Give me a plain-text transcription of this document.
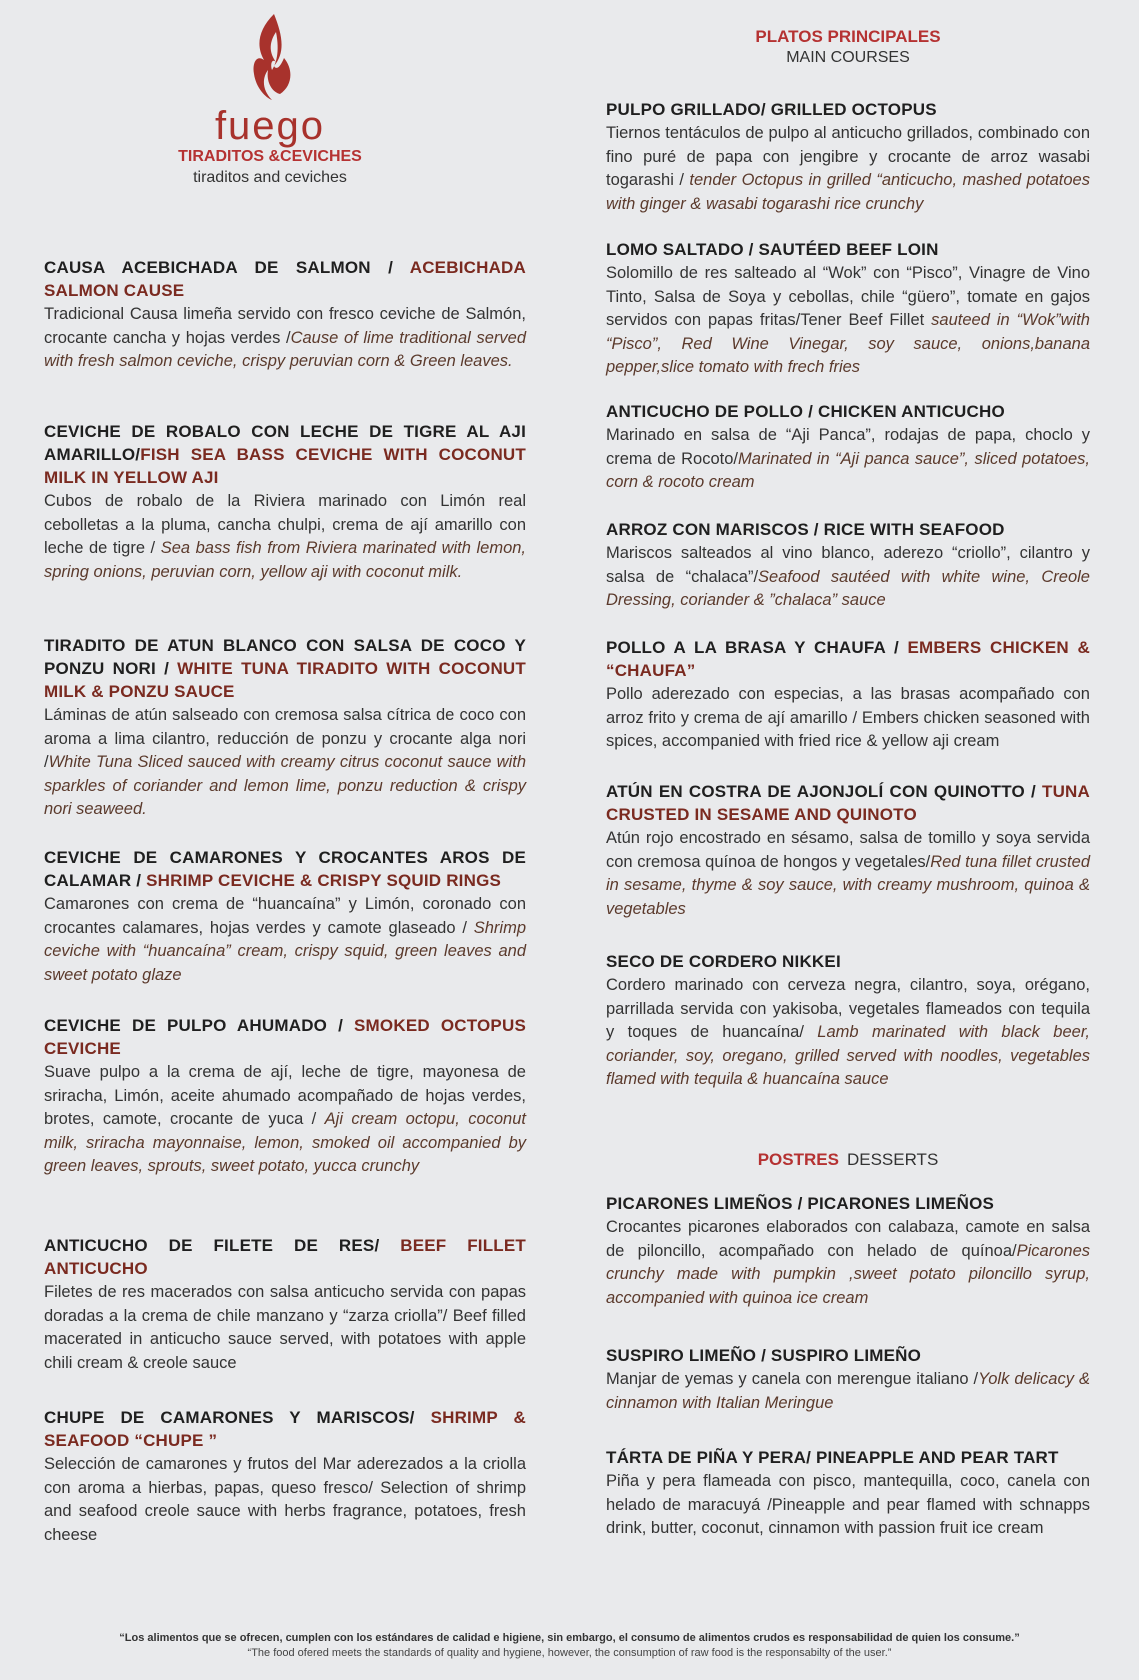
fuego
TIRADITOS &CEVICHES
tiraditos and ceviches
CAUSA ACEBICHADA DE SALMON / ACEBICHADA SALMON CAUSE
Tradicional Causa limeña servido con fresco ceviche de Salmón, crocante cancha y hojas verdes /Cause of lime traditional served with fresh salmon ceviche, crispy peruvian corn & Green leaves.
CEVICHE DE ROBALO CON LECHE DE TIGRE AL AJI AMARILLO/FISH SEA BASS CEVICHE WITH COCONUT MILK IN YELLOW AJI
Cubos de robalo de la Riviera marinado con Limón real cebolletas a la pluma, cancha chulpi, crema de ají amarillo con leche de tigre / Sea bass fish from Riviera marinated with lemon, spring onions, peruvian corn, yellow aji with coconut milk.
TIRADITO DE ATUN BLANCO CON SALSA DE COCO Y PONZU NORI / WHITE TUNA TIRADITO WITH COCONUT MILK & PONZU SAUCE
Láminas de atún salseado con cremosa salsa cítrica de coco con aroma a lima cilantro, reducción de ponzu y crocante alga nori /White Tuna Sliced sauced with creamy citrus coconut sauce with sparkles of coriander and lemon lime, ponzu reduction & crispy nori seaweed.
CEVICHE DE CAMARONES Y CROCANTES AROS DE CALAMAR / SHRIMP CEVICHE & CRISPY SQUID RINGS
Camarones con crema de “huancaína” y Limón, coronado con crocantes calamares, hojas verdes y camote glaseado / Shrimp ceviche with “huancaína” cream, crispy squid, green leaves and sweet potato glaze
CEVICHE DE PULPO AHUMADO / SMOKED OCTOPUS CEVICHE
Suave pulpo a la crema de ají, leche de tigre, mayonesa de sriracha, Limón, aceite ahumado acompañado de hojas verdes, brotes, camote, crocante de yuca / Aji cream octopu, coconut milk, sriracha mayonnaise, lemon, smoked oil accompanied by green leaves, sprouts, sweet potato, yucca crunchy
ANTICUCHO DE FILETE DE RES/ BEEF FILLET ANTICUCHO
Filetes de res macerados con salsa anticucho servida con papas doradas a la crema de chile manzano y “zarza criolla”/ Beef filled macerated in anticucho sauce served, with potatoes with apple chili cream & creole sauce
CHUPE DE CAMARONES Y MARISCOS/ SHRIMP & SEAFOOD “CHUPE ”
Selección de camarones y frutos del Mar aderezados a la criolla con aroma a hierbas, papas, queso fresco/ Selection of shrimp and seafood creole sauce with herbs fragrance, potatoes, fresh cheese
PLATOS PRINCIPALES
MAIN COURSES
PULPO GRILLADO/ GRILLED OCTOPUS
Tiernos tentáculos de pulpo al anticucho grillados, combinado con fino puré de papa con jengibre y crocante de arroz wasabi togarashi / tender Octopus in grilled “anticucho, mashed potatoes with ginger & wasabi togarashi rice crunchy
LOMO SALTADO / SAUTÉED BEEF LOIN
Solomillo de res salteado al “Wok” con “Pisco”, Vinagre de Vino Tinto, Salsa de Soya y cebollas, chile “güero”, tomate en gajos servidos con papas fritas/Tener Beef Fillet sauteed in “Wok”with “Pisco”, Red Wine Vinegar, soy sauce, onions,banana pepper,slice tomato with frech fries
ANTICUCHO DE POLLO / CHICKEN ANTICUCHO
Marinado en salsa de “Aji Panca”, rodajas de papa, choclo y crema de Rocoto/Marinated in “Aji panca sauce”, sliced potatoes, corn & rocoto cream
ARROZ CON MARISCOS / RICE WITH SEAFOOD
Mariscos salteados al vino blanco, aderezo “criollo”, cilantro y salsa de “chalaca”/Seafood sautéed with white wine, Creole Dressing, coriander & ”chalaca” sauce
POLLO A LA BRASA Y CHAUFA / EMBERS CHICKEN & “CHAUFA”
Pollo aderezado con especias, a las brasas acompañado con arroz frito y crema de ají amarillo / Embers chicken seasoned with spices, accompanied with fried rice & yellow aji cream
ATÚN EN COSTRA DE AJONJOLÍ CON QUINOTTO / TUNA CRUSTED IN SESAME AND QUINOTO
Atún rojo encostrado en sésamo, salsa de tomillo y soya servida con cremosa quínoa de hongos y vegetales/Red tuna fillet crusted in sesame, thyme & soy sauce, with creamy mushroom, quinoa & vegetables
SECO DE CORDERO NIKKEI
Cordero marinado con cerveza negra, cilantro, soya, orégano, parrillada servida con yakisoba, vegetales flameados con tequila y toques de huancaína/ Lamb marinated with black beer, coriander, soy, oregano, grilled served with noodles, vegetables flamed with tequila & huancaína sauce
PICARONES LIMEÑOS / PICARONES LIMEÑOS
Crocantes picarones elaborados con calabaza, camote en salsa de piloncillo, acompañado con helado de quínoa/Picarones crunchy made with pumpkin ,sweet potato piloncillo syrup, accompanied with quinoa ice cream
SUSPIRO LIMEÑO / SUSPIRO LIMEÑO
Manjar de yemas y canela con merengue italiano /Yolk delicacy & cinnamon with Italian Meringue
TÁRTA DE PIÑA Y PERA/ PINEAPPLE AND PEAR TART
Piña y pera flameada con pisco, mantequilla, coco, canela con helado de maracuyá /Pineapple and pear flamed with schnapps drink, butter, coconut, cinnamon with passion fruit ice cream
POSTRES DESSERTS
“Los alimentos que se ofrecen, cumplen con los estándares de calidad e higiene, sin embargo, el consumo de alimentos crudos es responsabilidad de quien los consume.”
“The food ofered meets the standards of quality and hygiene, however, the consumption of raw food is the responsabilty of the user.”
